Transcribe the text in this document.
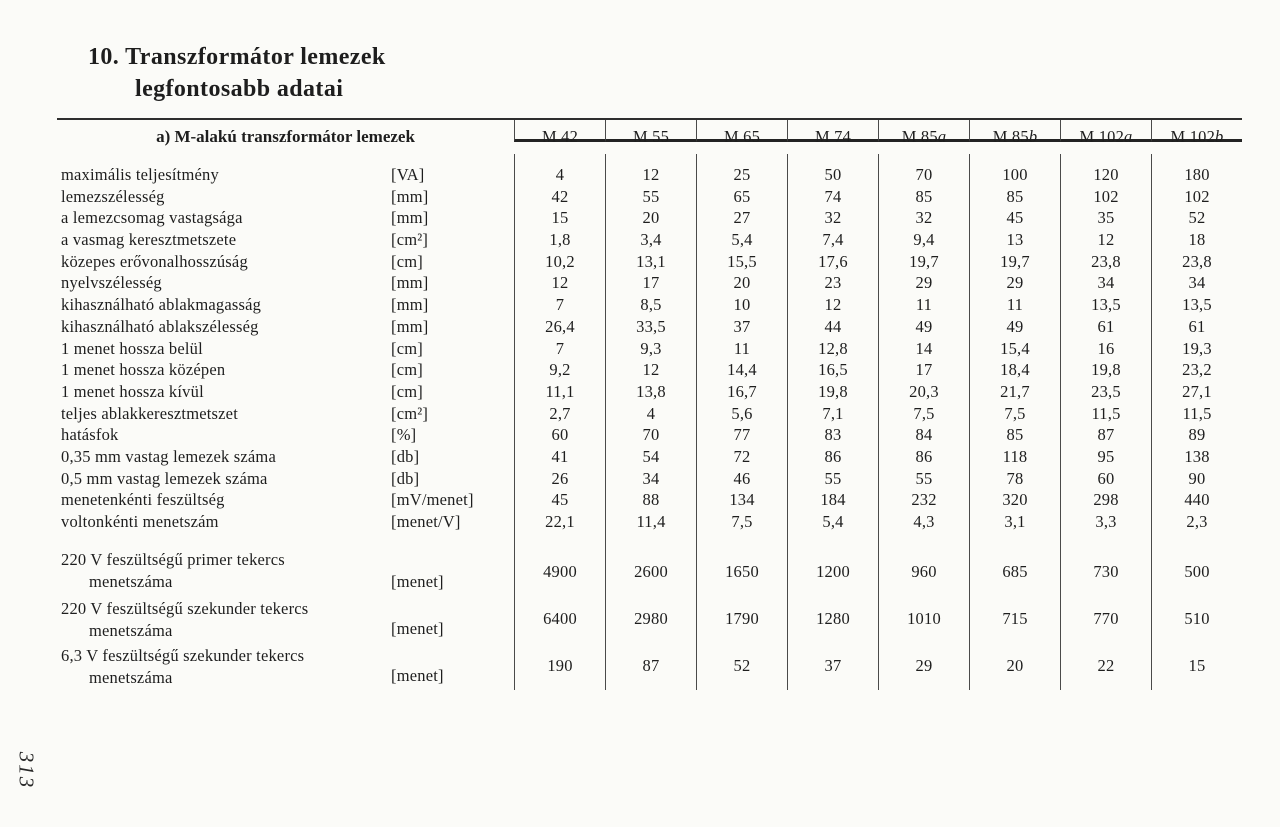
10. Transzformátor lemezek
legfontosabb adatai
a) M-alakú transzformátor lemezek	M 42	M 55	M 65	M 74	M 85a	M 85b	M 102a	M 102b
maximális teljesítmény	[VA]	4	12	25	50	70	100	120	180
lemezszélesség	[mm]	42	55	65	74	85	85	102	102
a lemezcsomag vastagsága	[mm]	15	20	27	32	32	45	35	52
a vasmag keresztmetszete	[cm²]	1,8	3,4	5,4	7,4	9,4	13	12	18
közepes erővonalhosszúság	[cm]	10,2	13,1	15,5	17,6	19,7	19,7	23,8	23,8
nyelvszélesség	[mm]	12	17	20	23	29	29	34	34
kihasználható ablakmagasság	[mm]	7	8,5	10	12	11	11	13,5	13,5
kihasználható ablakszélesség	[mm]	26,4	33,5	37	44	49	49	61	61
1 menet hossza belül	[cm]	7	9,3	11	12,8	14	15,4	16	19,3
1 menet hossza középen	[cm]	9,2	12	14,4	16,5	17	18,4	19,8	23,2
1 menet hossza kívül	[cm]	11,1	13,8	16,7	19,8	20,3	21,7	23,5	27,1
teljes ablakkeresztmetszet	[cm²]	2,7	4	5,6	7,1	7,5	7,5	11,5	11,5
hatásfok	[%]	60	70	77	83	84	85	87	89
0,35 mm vastag lemezek száma	[db]	41	54	72	86	86	118	95	138
0,5 mm vastag lemezek száma	[db]	26	34	46	55	55	78	60	90
menetenkénti feszültség	[mV/menet]	45	88	134	184	232	320	298	440
voltonkénti menetszám	[menet/V]	22,1	11,4	7,5	5,4	4,3	3,1	3,3	2,3
220 V feszültségű primer tekercs
menetszáma	[menet]	4900	2600	1650	1200	960	685	730	500
220 V feszültségű szekunder tekercs
menetszáma	[menet]	6400	2980	1790	1280	1010	715	770	510
6,3 V feszültségű szekunder tekercs
menetszáma	[menet]	190	87	52	37	29	20	22	15
313
